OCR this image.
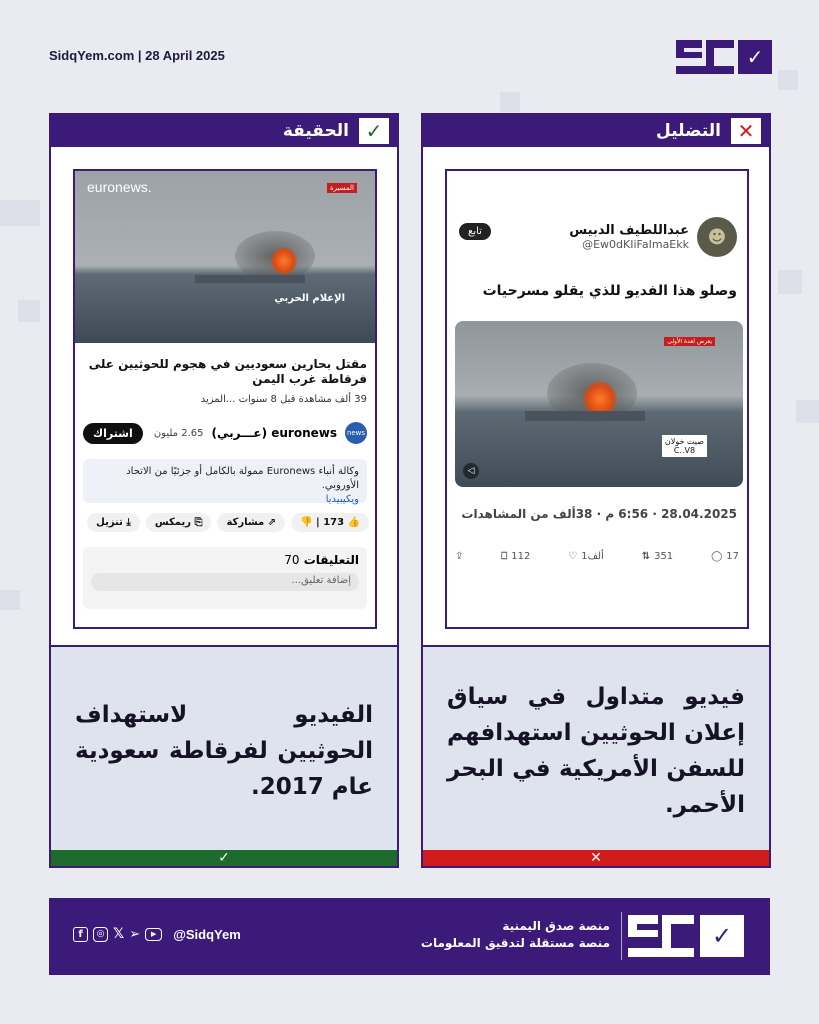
SidqYem.com | 28 April 2025	✓
التضليل ✕
☻
عبداللطيف الدبيس
@Ew0dKIiFaImaEkk
تابع
وصلو هذا الفديو للذي يقلو مسرحيات
يعرض لعدة الأولى
صيت خولان
C..V8
◁
28.04.2025 · 6:56 م · 38ألف من المشاهدات
⇪	⎕ 112	♡ 1ألف	⇅ 351	◯ 17

فيديو متداول في سياق إعلان الحوثيين استهدافهم للسفن الأمريكية في البحر الأحمر.

✕
الحقيقة ✓
euronews.	المسيرة
الإعلام الحربي
مقتل بحارين سعوديين في هجوم للحوثيين على فرقاطة غرب اليمن
39 ألف مشاهدة قبل 8 سنوات ...المزيد
news
euronews (عـــربي)
2.65 مليون
اشتراك
وكالة أنباء Euronews ممولة بالكامل أو جزئيًا من الاتحاد الأوروبي.
ويكيبيديا
👍 173 | 👎
⇗ مشاركة
⎘ ريمكس
⤓ تنزيل
التعليقات 70
إضافة تعليق...

الفيديو لاستهداف الحوثيين لفرقاطة سعودية عام 2017.

✓
f	◎ 𝕏 ➢	▶	@SidqYem
منصة صدق اليمنية
منصة مستقلة لتدقيق المعلومات	✓
